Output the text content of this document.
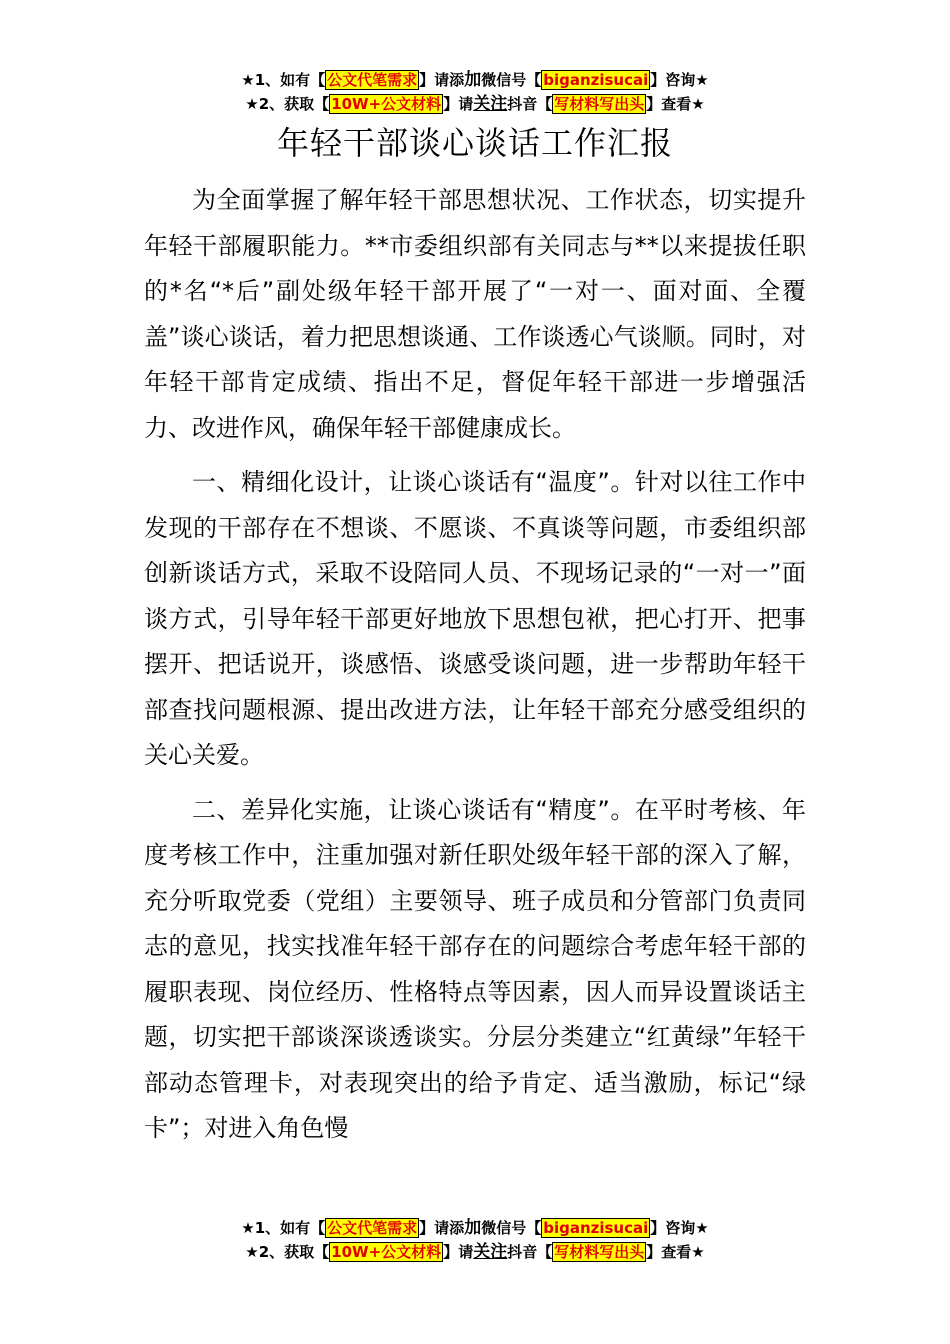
★1、如有【 公文代笔需求 】请添加微信号【 biganzisucai 】咨询★
★2、获取【 10W+公文材料 】请关注抖音【 写材料写出头 】查看★
年轻干部谈心谈话工作汇报

为全面掌握了解年轻干部思想状况、工作状态，切实提升年轻干部履职能力。**市委组织部有关同志与**以来提拔任职的*名“*后”副处级年轻干部开展了“一对一、面对面、全覆盖”谈心谈话，着力把思想谈通、工作谈透心气谈顺。同时，对年轻干部肯定成绩、指出不足，督促年轻干部进一步增强活力、改进作风，确保年轻干部健康成长。

一、精细化设计，让谈心谈话有“温度”。针对以往工作中发现的干部存在不想谈、不愿谈、不真谈等问题，市委组织部创新谈话方式，采取不设陪同人员、不现场记录的“一对一”面谈方式，引导年轻干部更好地放下思想包袱，把心打开、把事摆开、把话说开，谈感悟、谈感受谈问题，进一步帮助年轻干部查找问题根源、提出改进方法，让年轻干部充分感受组织的关心关爱。

二、差异化实施，让谈心谈话有“精度”。在平时考核、年度考核工作中，注重加强对新任职处级年轻干部的深入了解，充分听取党委（党组）主要领导、班子成员和分管部门负责同志的意见，找实找准年轻干部存在的问题综合考虑年轻干部的履职表现、岗位经历、性格特点等因素，因人而异设置谈话主题，切实把干部谈深谈透谈实。分层分类建立“红黄绿”年轻干部动态管理卡，对表现突出的给予肯定、适当激励，标记“绿卡”；对进入角色慢

★1、如有【 公文代笔需求 】请添加微信号【 biganzisucai 】咨询★
★2、获取【 10W+公文材料 】请关注抖音【 写材料写出头 】查看★
